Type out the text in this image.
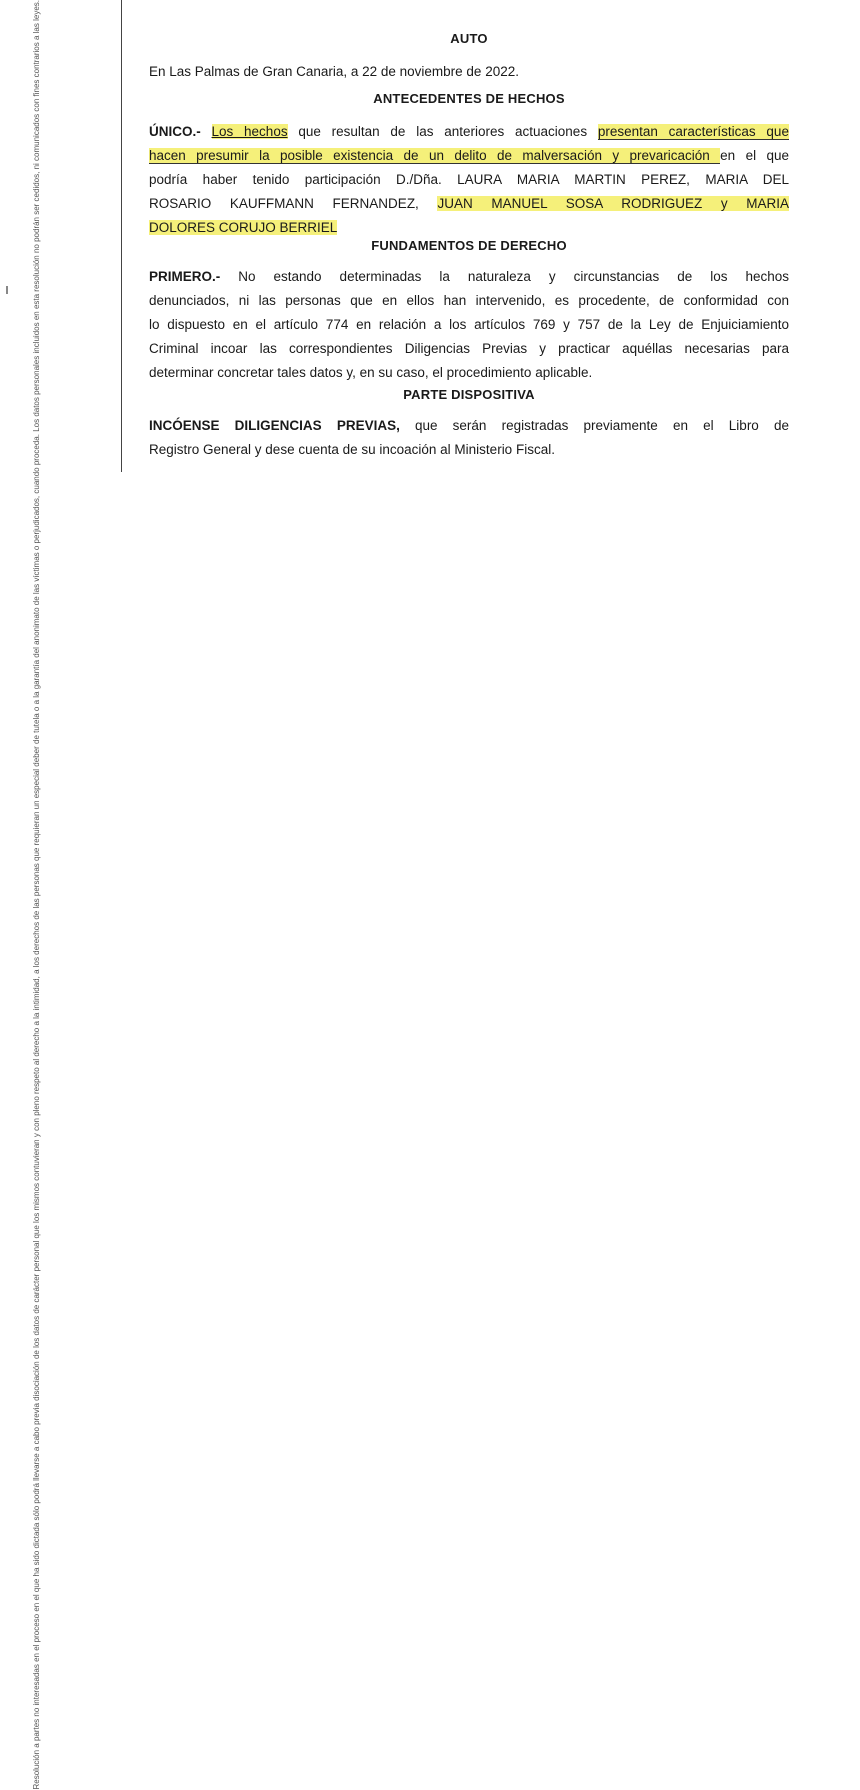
Resolución a partes no interesadas en el proceso en el que ha sido dictada sólo podrá llevarse a cabo previa disociación de los datos de carácter personal que los mismos contuvieran y con pleno respeto al derecho a la intimidad, a los derechos de las personas que requieran un especial deber de tutela o a la garantía del anonimato de las víctimas o perjudicados, cuando proceda. Los datos personales incluidos en esta resolución no podrán ser cedidos, ni comunicados con fines contrarios a las leyes.	AUTO
En Las Palmas de Gran Canaria, a 22 de noviembre de 2022.
ANTECEDENTES DE HECHOS
ÚNICO.- Los hechos que resultan de las anteriores actuaciones presentan características que
hacen presumir la posible existencia de un delito de malversación y prevaricación en el que
podría haber tenido participación D./Dña. LAURA MARIA MARTIN PEREZ, MARIA DEL
ROSARIO KAUFFMANN FERNANDEZ, JUAN MANUEL SOSA RODRIGUEZ y MARIA
DOLORES CORUJO BERRIEL
FUNDAMENTOS DE DERECHO
PRIMERO.- No estando determinadas la naturaleza y circunstancias de los hechos
denunciados, ni las personas que en ellos han intervenido, es procedente, de conformidad con
lo dispuesto en el artículo 774 en relación a los artículos 769 y 757 de la Ley de Enjuiciamiento
Criminal incoar las correspondientes Diligencias Previas y practicar aquéllas necesarias para
determinar concretar tales datos y, en su caso, el procedimiento aplicable.
PARTE DISPOSITIVA
INCÓENSE DILIGENCIAS PREVIAS, que serán registradas previamente en el Libro de
Registro General y dese cuenta de su incoación al Ministerio Fiscal.
